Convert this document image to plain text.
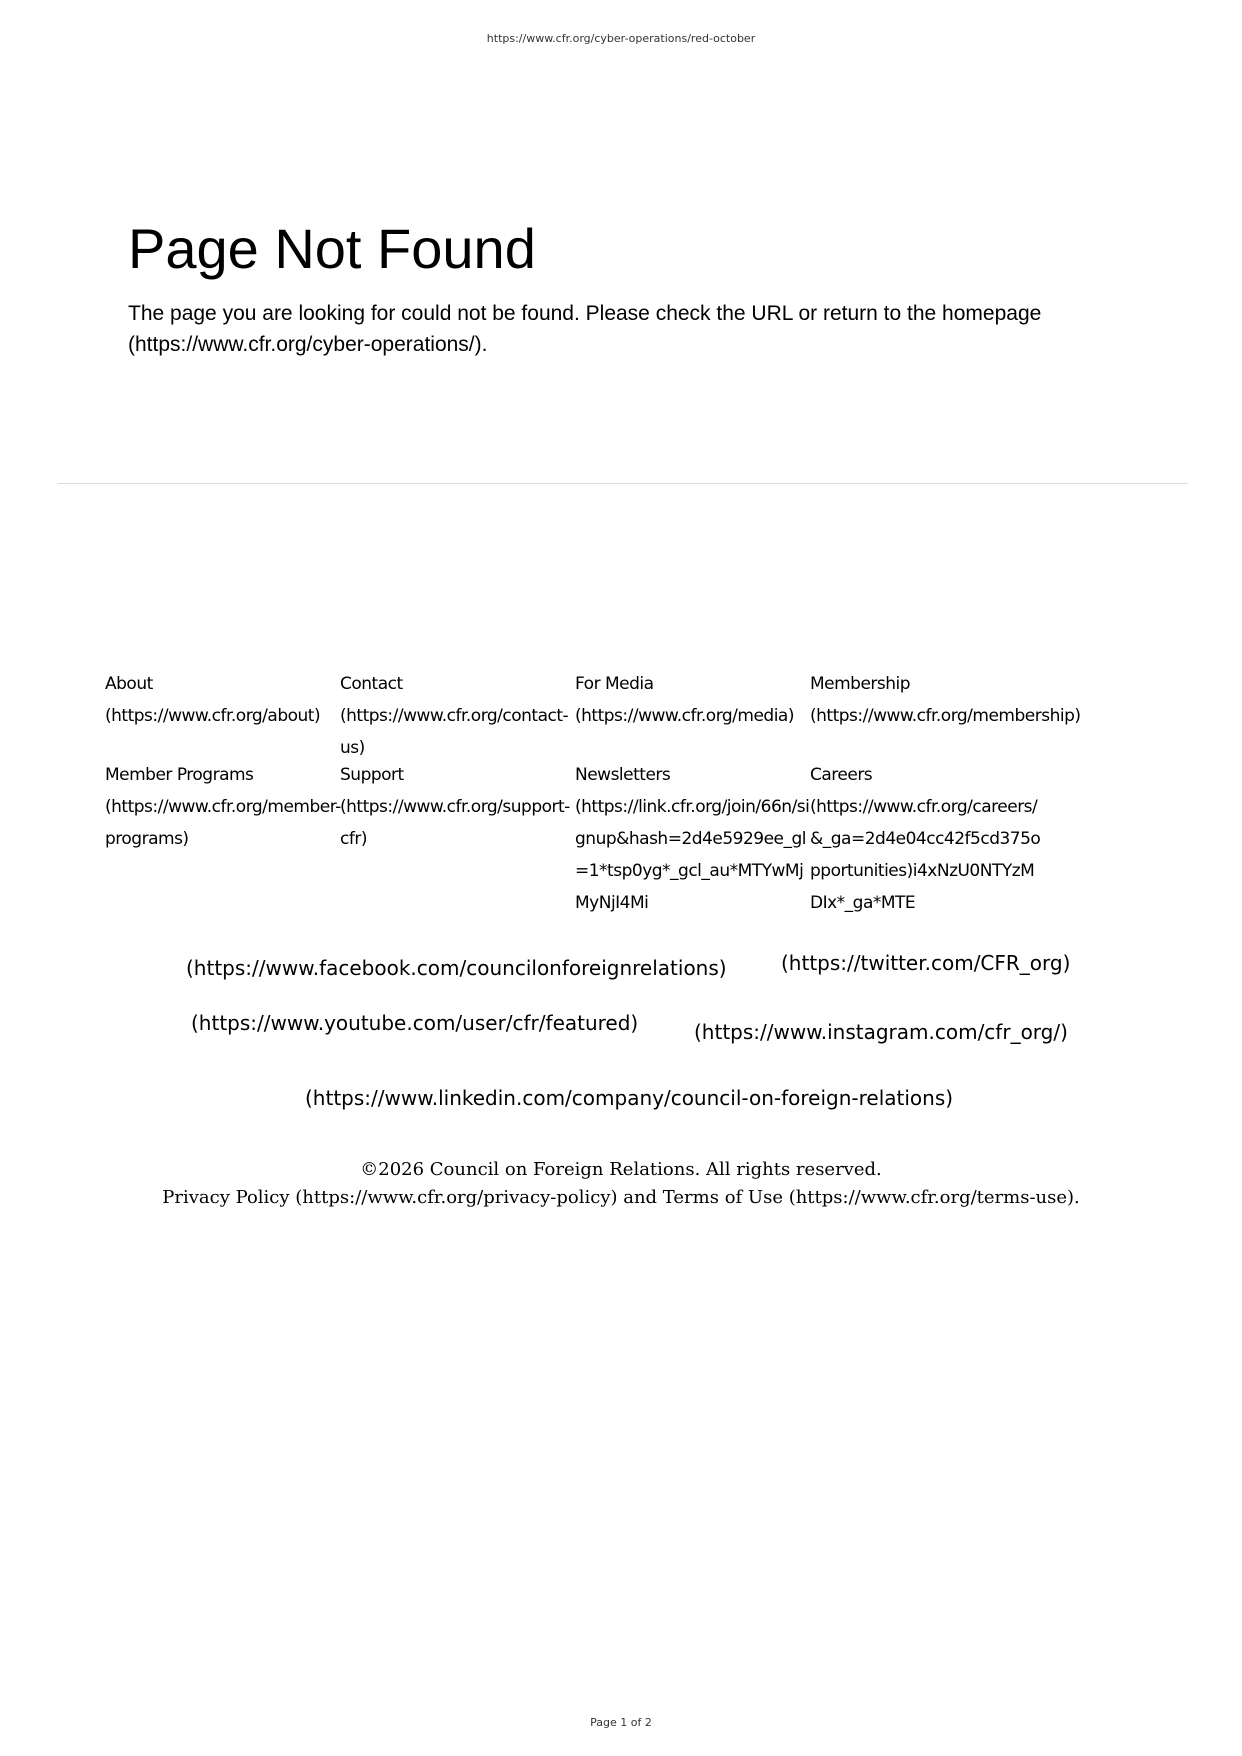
https://www.cfr.org/cyber-operations/red-october
Page Not Found

The page you are looking for could not be found. Please check the URL or return to the homepage (https://www.cfr.org/cyber-operations/).

About
(https://www.cfr.org/about)
Contact
(https://www.cfr.org/contact-us)
For Media
(https://www.cfr.org/media)
Membership
(https://www.cfr.org/membership)
Member Programs
(https://www.cfr.org/member-programs)
Support
(https://www.cfr.org/support-cfr)
Newsletters
(https://link.cfr.org/join/66n/signup&hash=2d4e5929ee_gl=1*tsp0yg*_gcl_au*MTYwMjMyNjI4Mi
Careers
(https://www.cfr.org/careers/&_ga=2d4e04cc42f5cd375opportunities)i4xNzU0NTYzMDIx*_ga*MTE
(https://www.facebook.com/councilonforeignrelations)	(https://twitter.com/CFR_org)
(https://www.youtube.com/user/cfr/featured)	(https://www.instagram.com/cfr_org/)
(https://www.linkedin.com/company/council-on-foreign-relations)
©2026 Council on Foreign Relations. All rights reserved.
Privacy Policy (https://www.cfr.org/privacy-policy) and Terms of Use (https://www.cfr.org/terms-use).
Page 1 of 2
